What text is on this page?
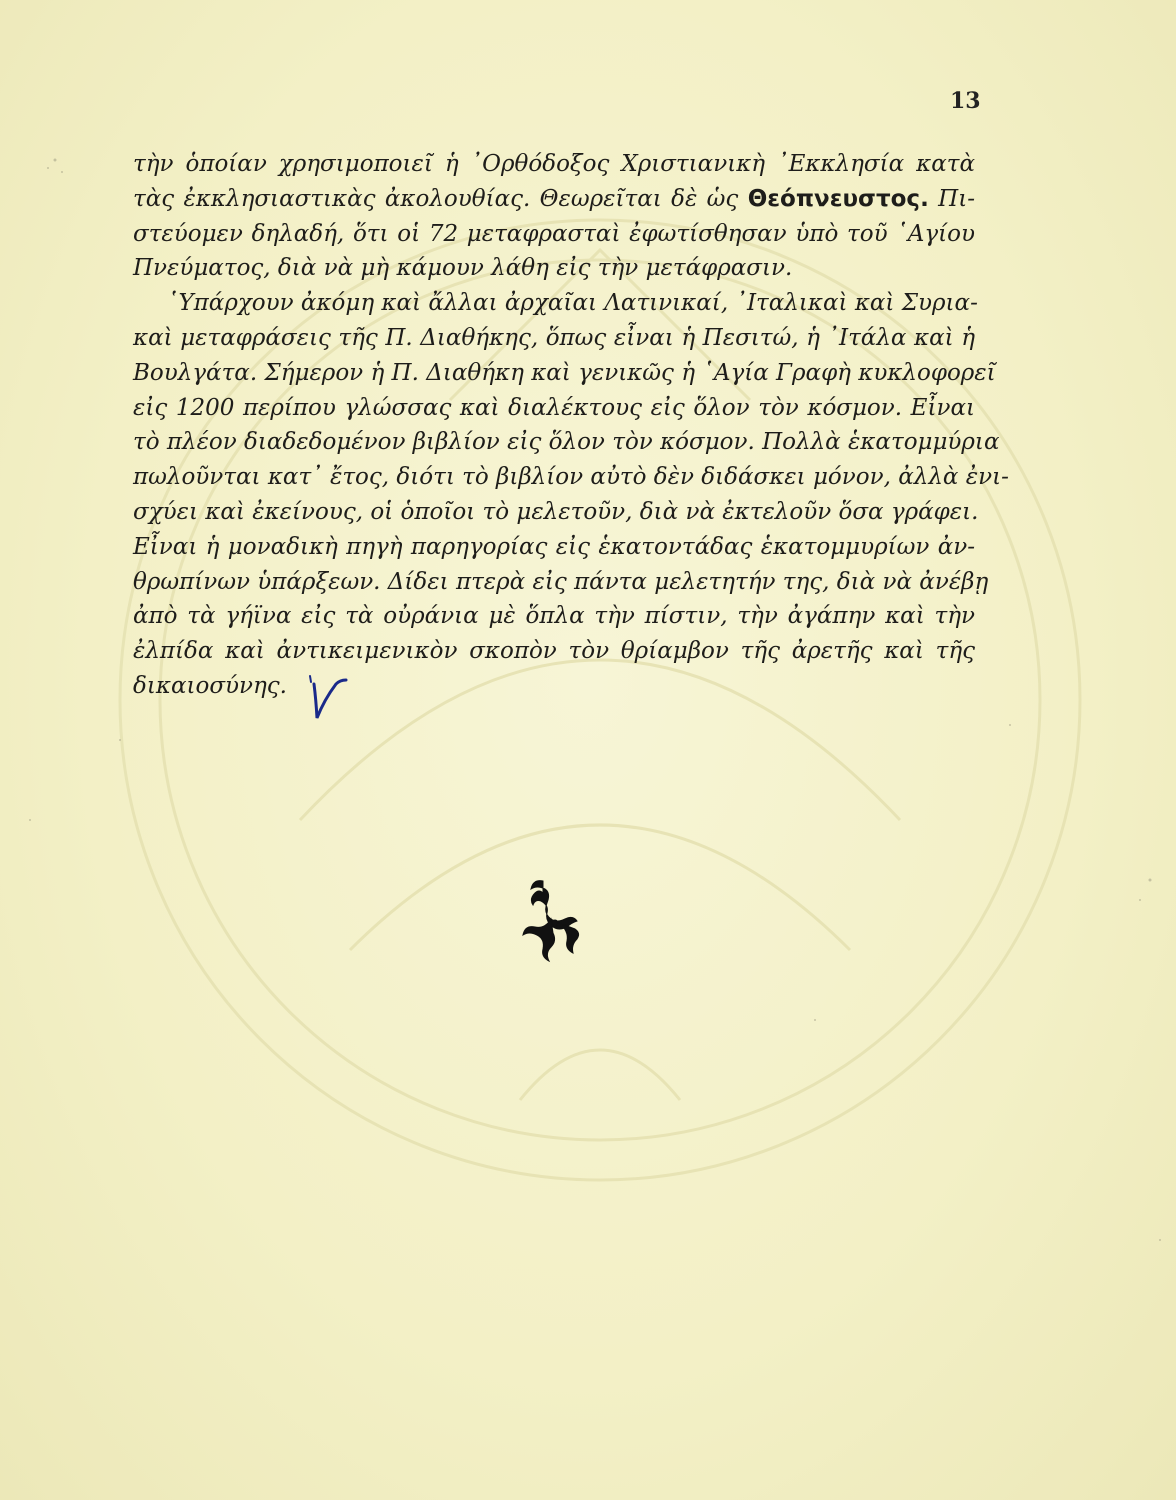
13
τὴν ὁποίαν χρησιμοποιεῖ ἡ ᾿Ορθόδοξος Χριστιανικὴ ᾿Εκκλησία κατὰ
τὰς ἐκκλησιαστικὰς ἀκολουθίας. Θεωρεῖται δὲ ὡς Θεόπνευστος. Πι-
στεύομεν δηλαδή, ὅτι οἱ 72 μεταφρασταὶ ἐφωτίσθησαν ὑπὸ τοῦ ῾Αγίου
Πνεύματος, διὰ νὰ μὴ κάμουν λάθη εἰς τὴν μετάφρασιν.
῾Υπάρχουν ἀκόμη καὶ ἄλλαι ἀρχαῖαι Λατινικαί, ᾿Ιταλικαὶ καὶ Συρια-
καὶ μεταφράσεις τῆς Π. Διαθήκης, ὅπως εἶναι ἡ Πεσιτώ, ἡ ᾿Ιτάλα καὶ ἡ
Βουλγάτα. Σήμερον ἡ Π. Διαθήκη καὶ γενικῶς ἡ ῾Αγία Γραφὴ κυκλοφορεῖ
εἰς 1200 περίπου γλώσσας καὶ διαλέκτους εἰς ὅλον τὸν κόσμον. Εἶναι
τὸ πλέον διαδεδομένον βιβλίον εἰς ὅλον τὸν κόσμον. Πολλὰ ἑκατομμύρια
πωλοῦνται κατ᾿ ἔτος, διότι τὸ βιβλίον αὐτὸ δὲν διδάσκει μόνον, ἀλλὰ ἐνι-
σχύει καὶ ἐκείνους, οἱ ὁποῖοι τὸ μελετοῦν, διὰ νὰ ἐκτελοῦν ὅσα γράφει.
Εἶναι ἡ μοναδικὴ πηγὴ παρηγορίας εἰς ἑκατοντάδας ἑκατομμυρίων ἀν-
θρωπίνων ὑπάρξεων. Δίδει πτερὰ εἰς πάντα μελετητήν της, διὰ νὰ ἀνέβῃ
ἀπὸ τὰ γήϊνα εἰς τὰ οὐράνια μὲ ὅπλα τὴν πίστιν, τὴν ἀγάπην καὶ τὴν
ἐλπίδα καὶ ἀντικειμενικὸν σκοπὸν τὸν θρίαμβον τῆς ἀρετῆς καὶ τῆς
δικαιοσύνης.
